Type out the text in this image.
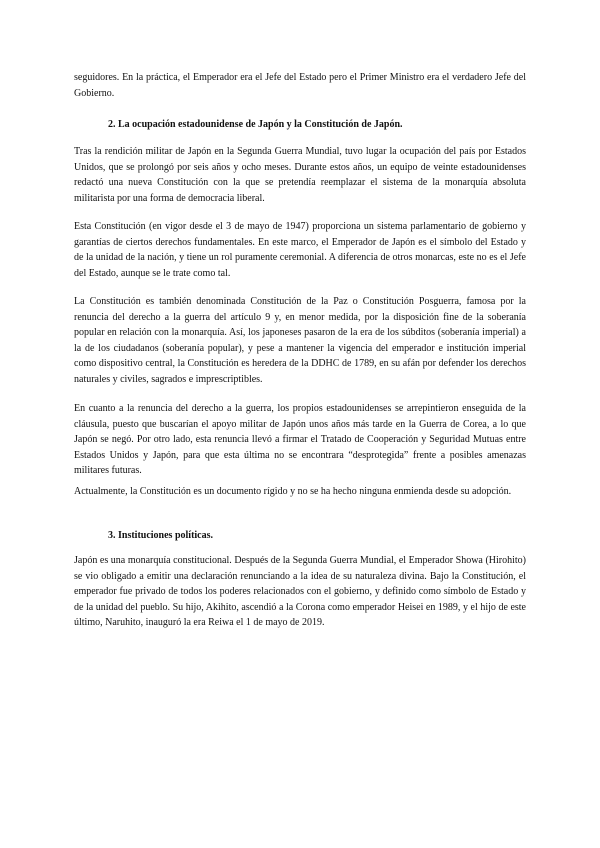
seguidores. En la práctica, el Emperador era el Jefe del Estado pero el Primer Ministro era el verdadero Jefe del Gobierno.

2. La ocupación estadounidense de Japón y la Constitución de Japón.

Tras la rendición militar de Japón en la Segunda Guerra Mundial, tuvo lugar la ocupación del país por Estados Unidos, que se prolongó por seis años y ocho meses. Durante estos años, un equipo de veinte estadounidenses redactó una nueva Constitución con la que se pretendía reemplazar el sistema de la monarquía absoluta militarista por una forma de democracia liberal.

Esta Constitución (en vigor desde el 3 de mayo de 1947) proporciona un sistema parlamentario de gobierno y garantías de ciertos derechos fundamentales. En este marco, el Emperador de Japón es el símbolo del Estado y de la unidad de la nación, y tiene un rol puramente ceremonial. A diferencia de otros monarcas, este no es el Jefe del Estado, aunque se le trate como tal.

La Constitución es también denominada Constitución de la Paz o Constitución Posguerra, famosa por la renuncia del derecho a la guerra del artículo 9 y, en menor medida, por la disposición fine de la soberanía popular en relación con la monarquía. Así, los japoneses pasaron de la era de los súbditos (soberanía imperial) a la de los ciudadanos (soberanía popular), y pese a mantener la vigencia del emperador e institución imperial como dispositivo central, la Constitución es heredera de la DDHC de 1789, en su afán por defender los derechos naturales y civiles, sagrados e imprescriptibles.

En cuanto a la renuncia del derecho a la guerra, los propios estadounidenses se arrepintieron enseguida de la cláusula, puesto que buscarían el apoyo militar de Japón unos años más tarde en la Guerra de Corea, a lo que Japón se negó. Por otro lado, esta renuncia llevó a firmar el Tratado de Cooperación y Seguridad Mutuas entre Estados Unidos y Japón, para que esta última no se encontrara “desprotegida” frente a posibles amenazas militares futuras.

Actualmente, la Constitución es un documento rígido y no se ha hecho ninguna enmienda desde su adopción.

3. Instituciones políticas.

Japón es una monarquía constitucional. Después de la Segunda Guerra Mundial, el Emperador Showa (Hirohito) se vio obligado a emitir una declaración renunciando a la idea de su naturaleza divina. Bajo la Constitución, el emperador fue privado de todos los poderes relacionados con el gobierno, y definido como símbolo de Estado y de la unidad del pueblo. Su hijo, Akihito, ascendió a la Corona como emperador Heisei en 1989, y el hijo de este último, Naruhito, inauguró la era Reiwa el 1 de mayo de 2019.
